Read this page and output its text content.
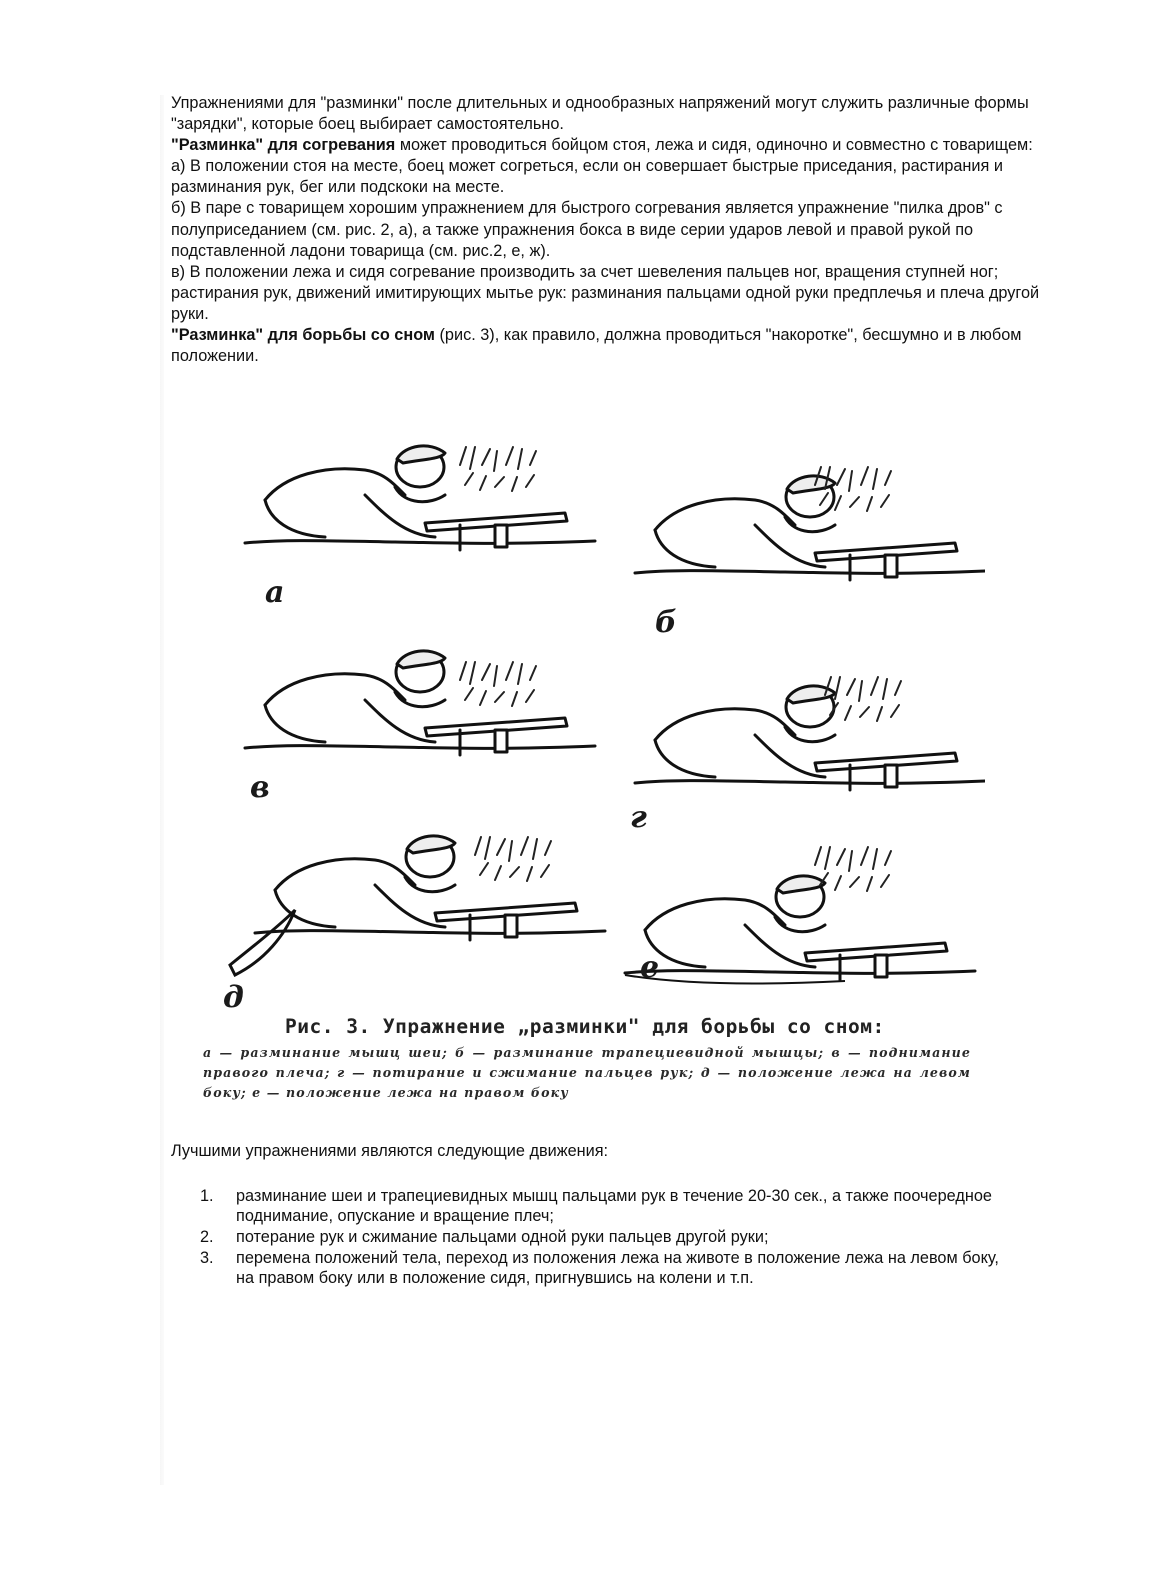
Упражнениями для "разминки" после длительных и однообразных напряжений могут служить различные формы "зарядки", которые боец выбирает самостоятельно.

"Разминка" для согревания может проводиться бойцом стоя, лежа и сидя, одиночно и совместно с товарищем:

а) В положении стоя на месте, боец может согреться, если он совершает быстрые приседания, растирания и разминания рук, бег или подскоки на месте.

б) В паре с товарищем хорошим упражнением для быстрого согревания является упражнение "пилка дров" с полуприседанием (см. рис. 2, а), а также упражнения бокса в виде серии ударов левой и правой рукой по подставленной ладони товарища (см. рис.2, е, ж).

в) В положении лежа и сидя согревание производить за счет шевеления пальцев ног, вращения ступней ног; растирания рук, движений имитирующих мытье рук: разминания пальцами одной руки предплечья и плеча другой руки.

"Разминка" для борьбы со сном (рис. 3), как правило, должна проводиться "накоротке", бесшумно и в любом положении.

а
б
в
г
д
е
Рис. 3. Упражнение „разминки" для борьбы со сном:
а — разминание мышц шеи; б — разминание трапециевидной мышцы; в — поднимание правого плеча; г — потирание и сжимание пальцев рук; д — положение лежа на левом боку; е — положение лежа на правом боку
Лучшими упражнениями являются следующие движения:
1. разминание шеи и трапециевидных мышц пальцами рук в течение 20-30 сек., а также поочередное поднимание, опускание и вращение плеч;
2. потерание рук и сжимание пальцами одной руки пальцев другой руки;
3. перемена положений тела, переход из положения лежа на животе в положение лежа на левом боку, на правом боку или в положение сидя, пригнувшись на колени и т.п.
